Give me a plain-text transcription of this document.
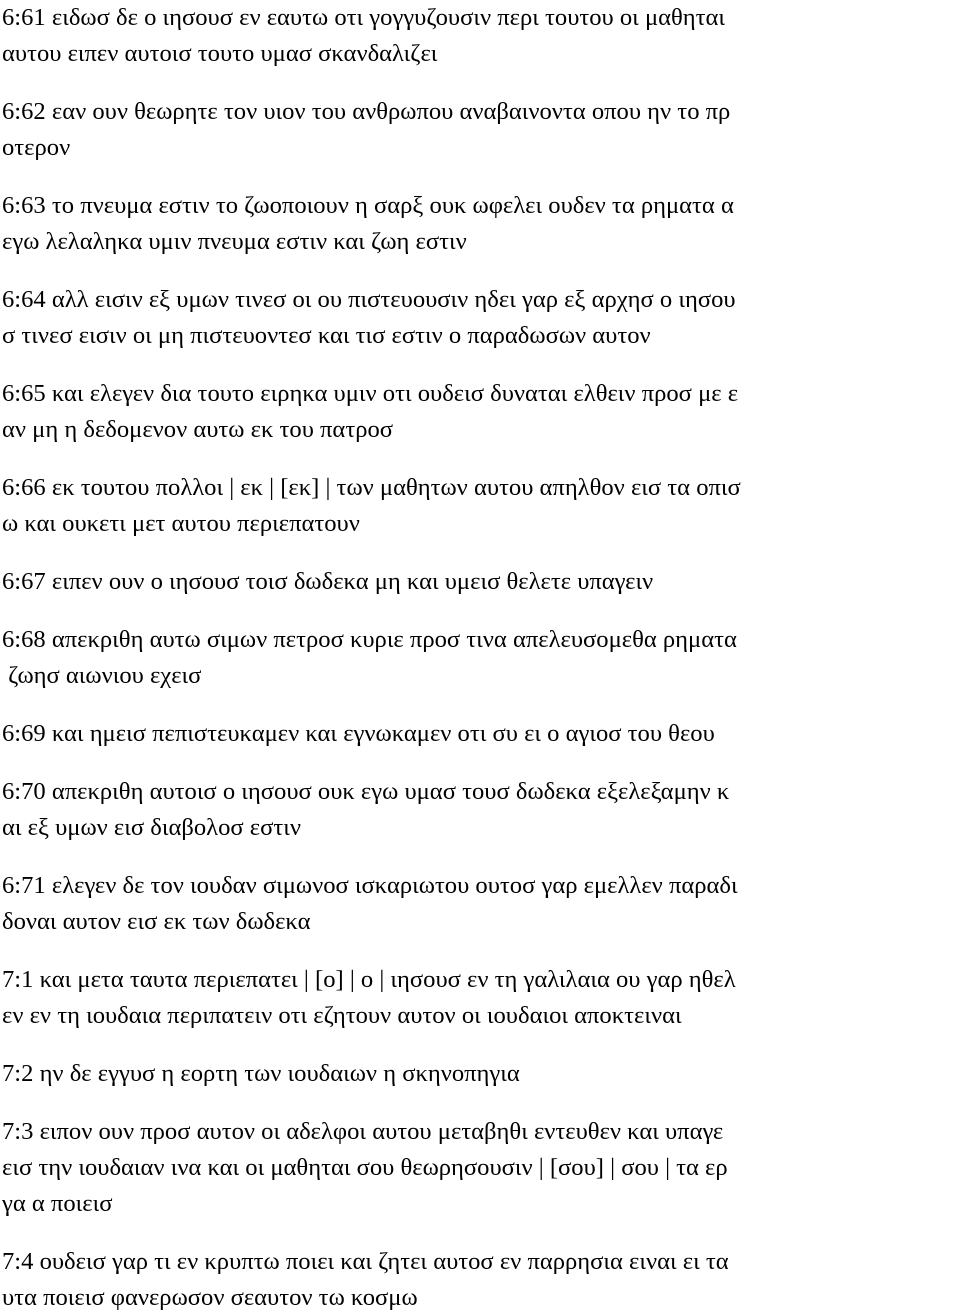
6:61 ειδωσ δε ο ιησουσ εν εαυτω οτι γογγυζουσιν περι τουτου οι μαθηται
αυτου ειπεν αυτοισ τουτο υμασ σκανδαλιζει
6:62 εαν ουν θεωρητε τον υιον του ανθρωπου αναβαινοντα οπου ην το πρ
οτερον
6:63 το πνευμα εστιν το ζωοποιουν η σαρξ ουκ ωφελει ουδεν τα ρηματα α
εγω λελαληκα υμιν πνευμα εστιν και ζωη εστιν
6:64 αλλ εισιν εξ υμων τινεσ οι ου πιστευουσιν ηδει γαρ εξ αρχησ ο ιησου
σ τινεσ εισιν οι μη πιστευοντεσ και τισ εστιν ο παραδωσων αυτον
6:65 και ελεγεν δια τουτο ειρηκα υμιν οτι ουδεισ δυναται ελθειν προσ με ε
αν μη η δεδομενον αυτω εκ του πατροσ
6:66 εκ τουτου πολλοι | εκ | [εκ] | των μαθητων αυτου απηλθον εισ τα οπισ
ω και ουκετι μετ αυτου περιεπατουν
6:67 ειπεν ουν ο ιησουσ τοισ δωδεκα μη και υμεισ θελετε υπαγειν
6:68 απεκριθη αυτω σιμων πετροσ κυριε προσ τινα απελευσομεθα ρηματα
ζωησ αιωνιου εχεισ
6:69 και ημεισ πεπιστευκαμεν και εγνωκαμεν οτι συ ει ο αγιοσ του θεου
6:70 απεκριθη αυτοισ ο ιησουσ ουκ εγω υμασ τουσ δωδεκα εξελεξαμην κ
αι εξ υμων εισ διαβολοσ εστιν
6:71 ελεγεν δε τον ιουδαν σιμωνοσ ισκαριωτου ουτοσ γαρ εμελλεν παραδι
δοναι αυτον εισ εκ των δωδεκα
7:1 και μετα ταυτα περιεπατει | [ο] | ο | ιησουσ εν τη γαλιλαια ου γαρ ηθελ
εν εν τη ιουδαια περιπατειν οτι εζητουν αυτον οι ιουδαιοι αποκτειναι
7:2 ην δε εγγυσ η εορτη των ιουδαιων η σκηνοπηγια
7:3 ειπον ουν προσ αυτον οι αδελφοι αυτου μεταβηθι εντευθεν και υπαγε
εισ την ιουδαιαν ινα και οι μαθηται σου θεωρησουσιν | [σου] | σου | τα ερ
γα α ποιεισ
7:4 ουδεισ γαρ τι εν κρυπτω ποιει και ζητει αυτοσ εν παρρησια ειναι ει τα
υτα ποιεισ φανερωσον σεαυτον τω κοσμω
